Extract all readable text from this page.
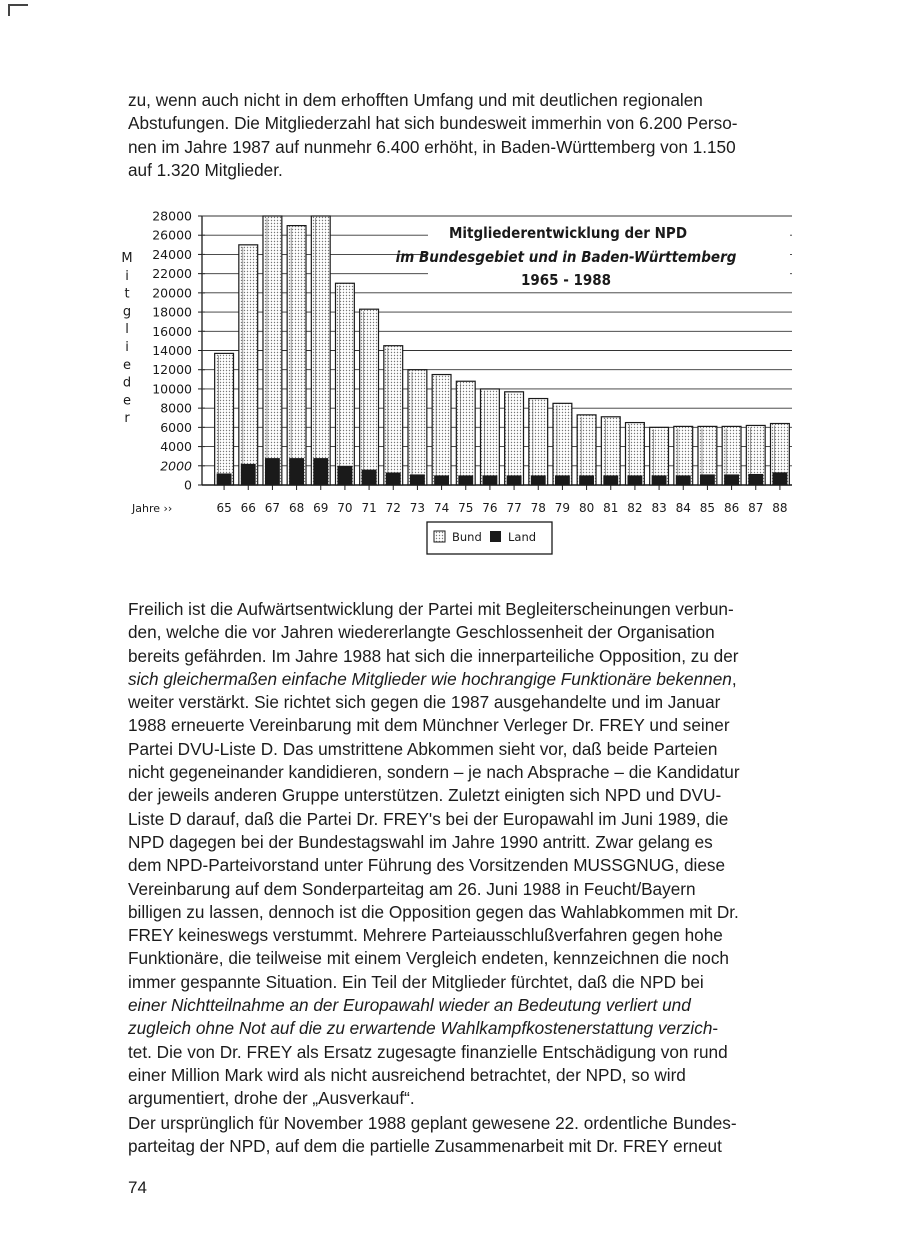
zu, wenn auch nicht in dem erhofften Umfang und mit deutlichen regionalen
Abstufungen. Die Mitgliederzahl hat sich bundesweit immerhin von 6.200 Perso-
nen im Jahre 1987 auf nunmehr 6.400 erhöht, in Baden-Württemberg von 1.150
auf 1.320 Mitglieder.

28000
26000
24000
22000
20000
18000
16000
14000
12000
10000
8000
6000
4000
2000
0
M
i
t
g
l
i
e
d
e
r
65 66 67 68 69 70 71 72 73 74 75 76 77 78 79 80 81 82 83 84 85 86 87 88
Jahre ››
Mitgliederentwicklung der NPD
im Bundesgebiet und in Baden-Württemberg
1965 - 1988
Bund Land

Freilich ist die Aufwärtsentwicklung der Partei mit Begleiterscheinungen verbun-
den, welche die vor Jahren wiedererlangte Geschlossenheit der Organisation
bereits gefährden. Im Jahre 1988 hat sich die innerparteiliche Opposition, zu der
sich gleichermaßen einfache Mitglieder wie hochrangige Funktionäre bekennen,
weiter verstärkt. Sie richtet sich gegen die 1987 ausgehandelte und im Januar
1988 erneuerte Vereinbarung mit dem Münchner Verleger Dr. FREY und seiner
Partei DVU-Liste D. Das umstrittene Abkommen sieht vor, daß beide Parteien
nicht gegeneinander kandidieren, sondern – je nach Absprache – die Kandidatur
der jeweils anderen Gruppe unterstützen. Zuletzt einigten sich NPD und DVU-
Liste D darauf, daß die Partei Dr. FREY's bei der Europawahl im Juni 1989, die
NPD dagegen bei der Bundestagswahl im Jahre 1990 antritt. Zwar gelang es
dem NPD-Parteivorstand unter Führung des Vorsitzenden MUSSGNUG, diese
Vereinbarung auf dem Sonderparteitag am 26. Juni 1988 in Feucht/Bayern
billigen zu lassen, dennoch ist die Opposition gegen das Wahlabkommen mit Dr.
FREY keineswegs verstummt. Mehrere Parteiausschlußverfahren gegen hohe
Funktionäre, die teilweise mit einem Vergleich endeten, kennzeichnen die noch
immer gespannte Situation. Ein Teil der Mitglieder fürchtet, daß die NPD bei
einer Nichtteilnahme an der Europawahl wieder an Bedeutung verliert und
zugleich ohne Not auf die zu erwartende Wahlkampfkostenerstattung verzich-
tet. Die von Dr. FREY als Ersatz zugesagte finanzielle Entschädigung von rund
einer Million Mark wird als nicht ausreichend betrachtet, der NPD, so wird
argumentiert, drohe der „Ausverkauf“.

Der ursprünglich für November 1988 geplant gewesene 22. ordentliche Bundes-
parteitag der NPD, auf dem die partielle Zusammenarbeit mit Dr. FREY erneut

74
